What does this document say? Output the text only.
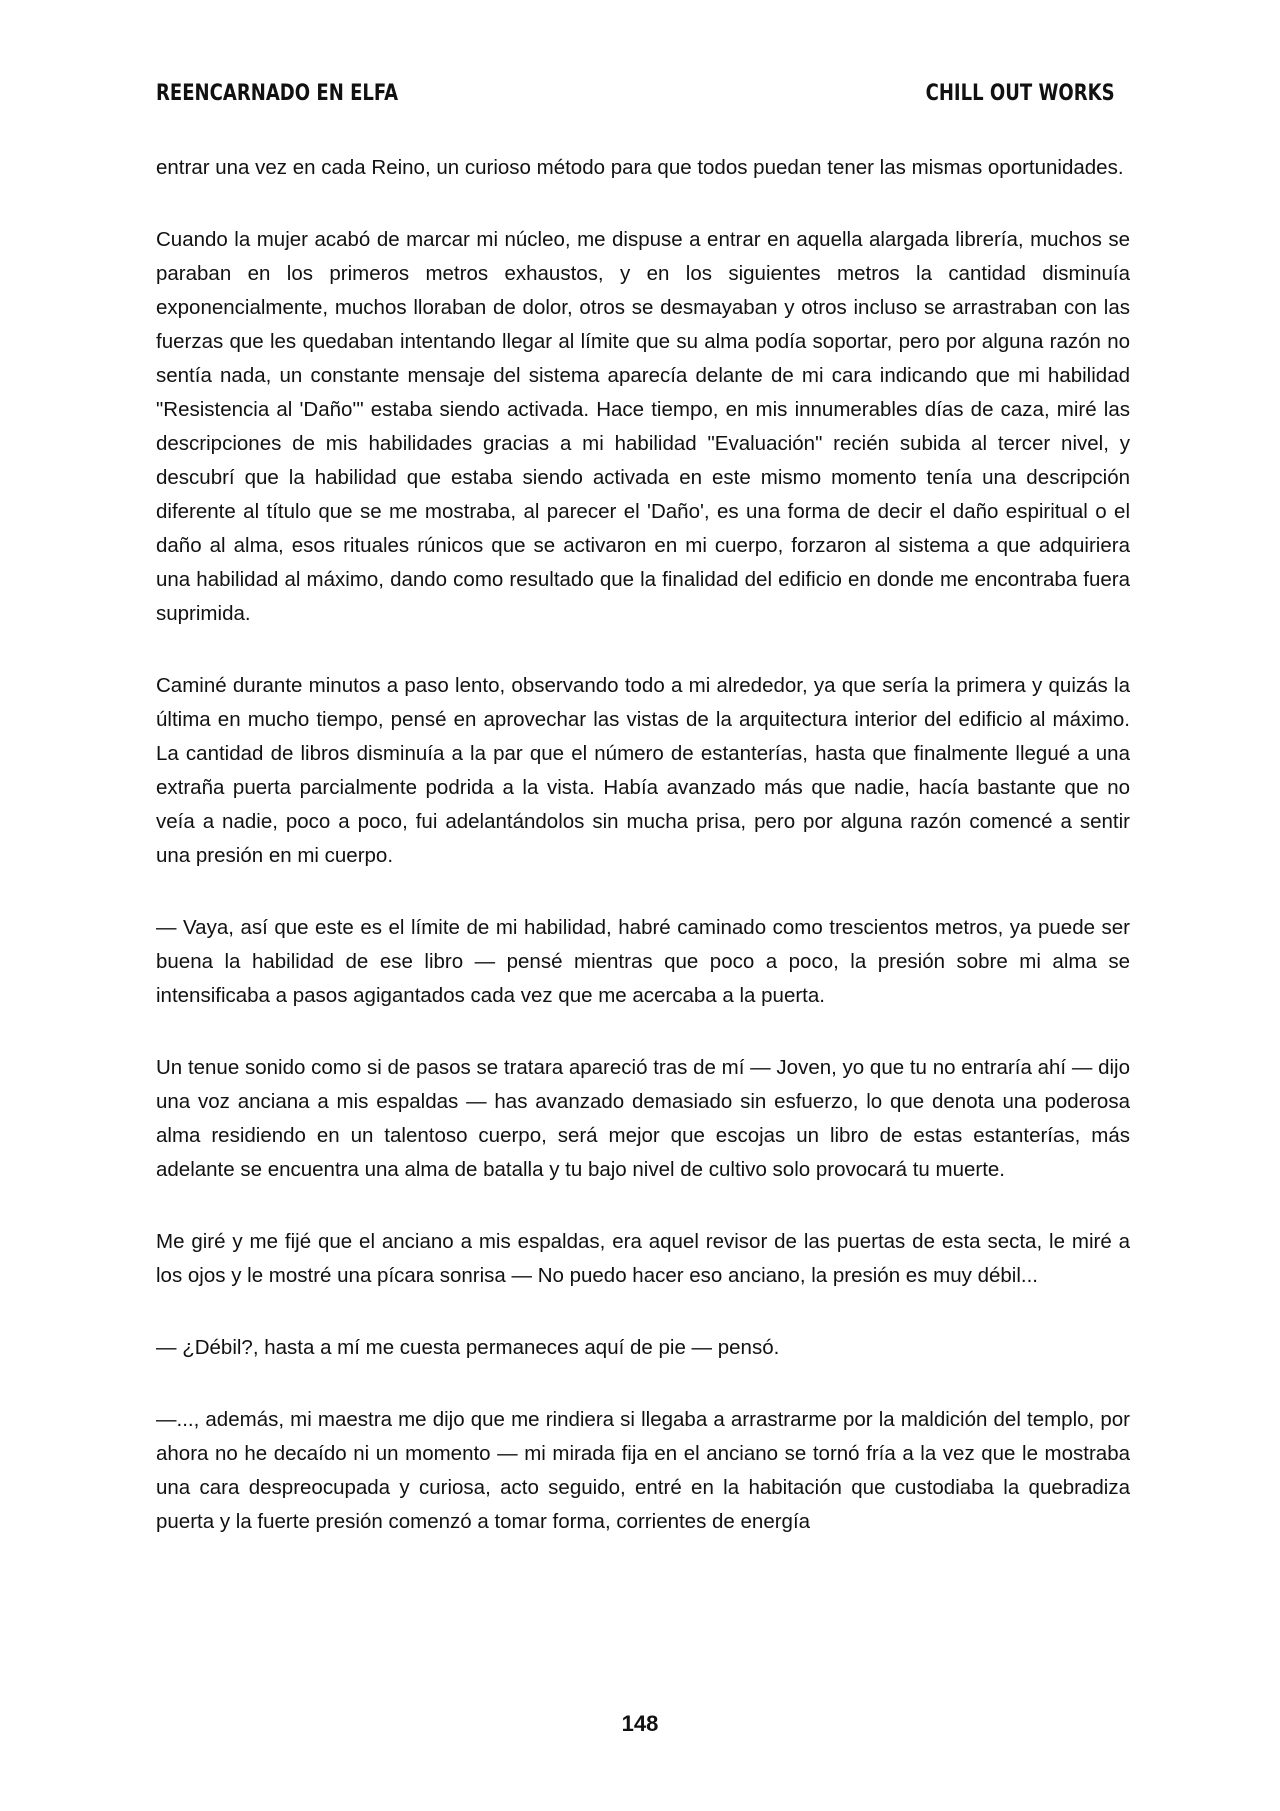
REENCARNADO EN ELFA	CHILL OUT WORKS

entrar una vez en cada Reino, un curioso método para que todos puedan tener las mismas oportunidades.

Cuando la mujer acabó de marcar mi núcleo, me dispuse a entrar en aquella alargada librería, muchos se paraban en los primeros metros exhaustos, y en los siguientes metros la cantidad disminuía exponencialmente, muchos lloraban de dolor, otros se desmayaban y otros incluso se arrastraban con las fuerzas que les quedaban intentando llegar al límite que su alma podía soportar, pero por alguna razón no sentía nada, un constante mensaje del sistema aparecía delante de mi cara indicando que mi habilidad "Resistencia al 'Daño'" estaba siendo activada. Hace tiempo, en mis innumerables días de caza, miré las descripciones de mis habilidades gracias a mi habilidad "Evaluación" recién subida al tercer nivel, y descubrí que la habilidad que estaba siendo activada en este mismo momento tenía una descripción diferente al título que se me mostraba, al parecer el 'Daño', es una forma de decir el daño espiritual o el daño al alma, esos rituales rúnicos que se activaron en mi cuerpo, forzaron al sistema a que adquiriera una habilidad al máximo, dando como resultado que la finalidad del edificio en donde me encontraba fuera suprimida.

Caminé durante minutos a paso lento, observando todo a mi alrededor, ya que sería la primera y quizás la última en mucho tiempo, pensé en aprovechar las vistas de la arquitectura interior del edificio al máximo. La cantidad de libros disminuía a la par que el número de estanterías, hasta que finalmente llegué a una extraña puerta parcialmente podrida a la vista. Había avanzado más que nadie, hacía bastante que no veía a nadie, poco a poco, fui adelantándolos sin mucha prisa, pero por alguna razón comencé a sentir una presión en mi cuerpo.

— Vaya, así que este es el límite de mi habilidad, habré caminado como trescientos metros, ya puede ser buena la habilidad de ese libro — pensé mientras que poco a poco, la presión sobre mi alma se intensificaba a pasos agigantados cada vez que me acercaba a la puerta.

Un tenue sonido como si de pasos se tratara apareció tras de mí — Joven, yo que tu no entraría ahí — dijo una voz anciana a mis espaldas — has avanzado demasiado sin esfuerzo, lo que denota una poderosa alma residiendo en un talentoso cuerpo, será mejor que escojas un libro de estas estanterías, más adelante se encuentra una alma de batalla y tu bajo nivel de cultivo solo provocará tu muerte.

Me giré y me fijé que el anciano a mis espaldas, era aquel revisor de las puertas de esta secta, le miré a los ojos y le mostré una pícara sonrisa — No puedo hacer eso anciano, la presión es muy débil...

— ¿Débil?, hasta a mí me cuesta permaneces aquí de pie — pensó.

—..., además, mi maestra me dijo que me rindiera si llegaba a arrastrarme por la maldición del templo, por ahora no he decaído ni un momento — mi mirada fija en el anciano se tornó fría a la vez que le mostraba una cara despreocupada y curiosa, acto seguido, entré en la habitación que custodiaba la quebradiza puerta y la fuerte presión comenzó a tomar forma, corrientes de energía

148
